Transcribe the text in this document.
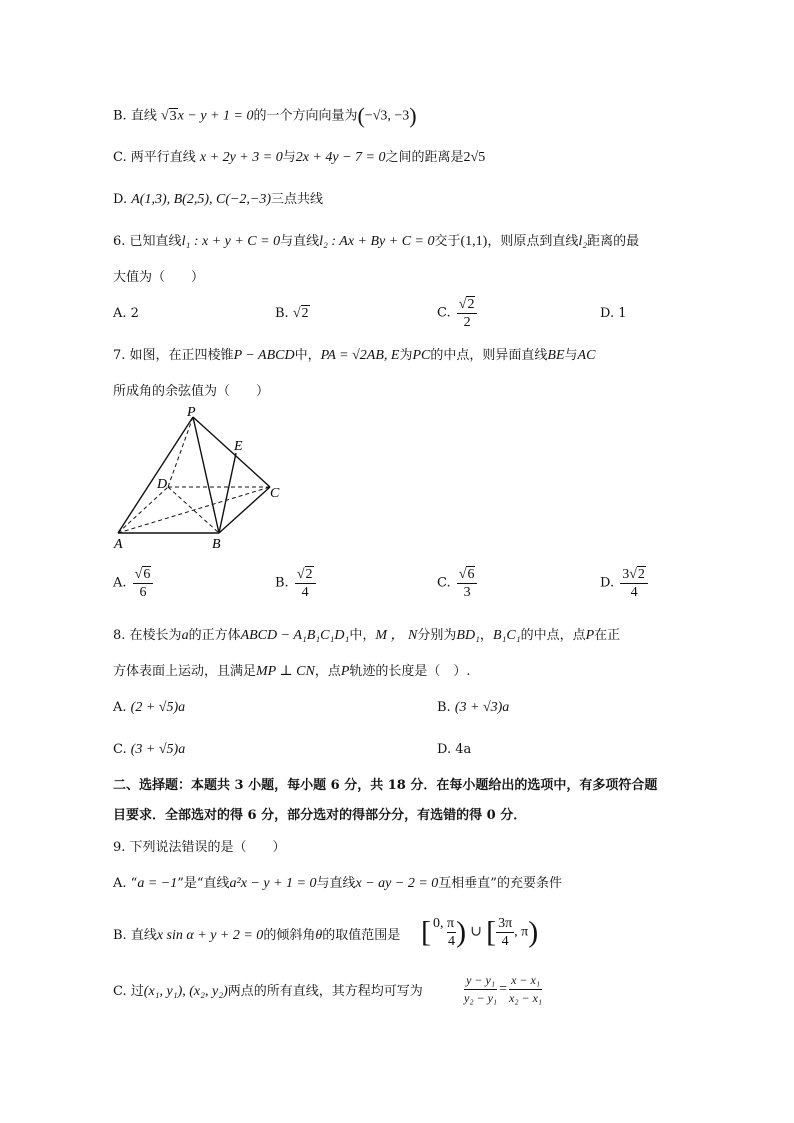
B. 直线 √3x − y + 1 = 0的一个方向向量为(−√3, −3)
C. 两平行直线 x + 2y + 3 = 0与2x + 4y − 7 = 0之间的距离是2√5
D. A(1,3), B(2,5), C(−2,−3)三点共线
6. 已知直线l₁ : x + y + C = 0与直线l₂ : Ax + By + C = 0交于(1,1)，则原点到直线l₂距离的最
大值为（　　）
A. 2	B. √2	C. $\frac{√2}{2}$	D. 1
7. 如图，在正四棱锥P − ABCD中，PA = √2AB, E为PC的中点，则异面直线BE与AC
所成角的余弦值为（　　）
P
E
D
C
A	B
A. $\frac{√6}{6}$	B. $\frac{√2}{4}$	C. $\frac{√6}{3}$	D. $\frac{3√2}{4}$
8. 在棱长为a的正方体ABCD − A₁B₁C₁D₁中，M ， N分别为BD₁，B₁C₁的中点，点P在正
方体表面上运动，且满足MP ⊥ CN，点P轨迹的长度是（　）.
A. (2 + √5)a	B. (3 + √3)a
C. (3 + √5)a	D. 4a
二、选择题：本题共 3 小题，每小题 6 分，共 18 分．在每小题给出的选项中，有多项符合题
目要求．全部选对的得 6 分，部分选对的得部分分，有选错的得 0 分．
9. 下列说法错误的是（　　）
A. “a = −1”是“直线a²x − y + 1 = 0与直线x − ay − 2 = 0互相垂直”的充要条件
B. 直线x sin α + y + 2 = 0的倾斜角θ的取值范围是 [ $\frac{0, \pi}{4}$ ) ∪ [ $\frac{3\pi}{4}$ , π)
C. 过(x₁, y₁), (x₂, y₂)两点的所有直线，其方程均可写为	$\frac{\text{y − y₁}}{\text{y₂ − y₁}} = \frac{\text{x − x₁}}{\text{x₂ − x₁}}$
